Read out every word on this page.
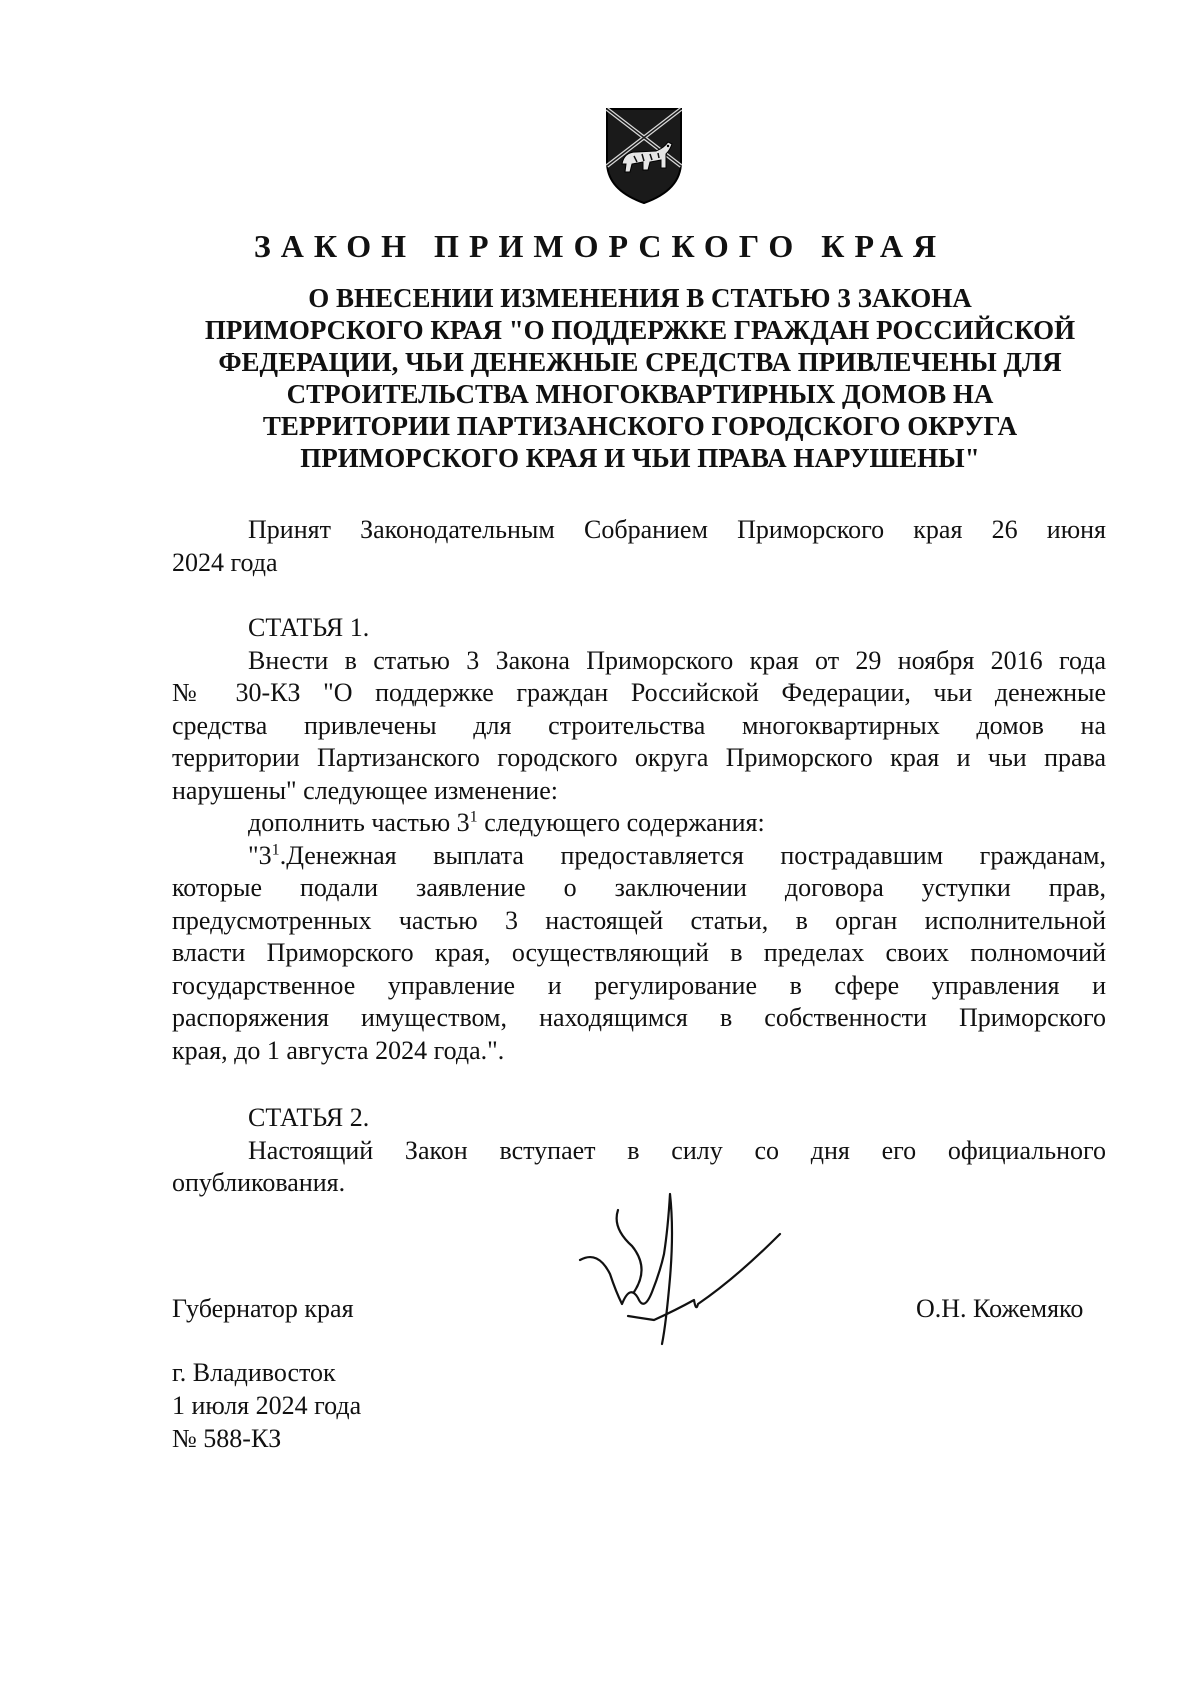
ЗАКОН ПРИМОРСКОГО КРАЯ
О ВНЕСЕНИИ ИЗМЕНЕНИЯ В СТАТЬЮ 3 ЗАКОНА
ПРИМОРСКОГО КРАЯ "О ПОДДЕРЖКЕ ГРАЖДАН РОССИЙСКОЙ
ФЕДЕРАЦИИ, ЧЬИ ДЕНЕЖНЫЕ СРЕДСТВА ПРИВЛЕЧЕНЫ ДЛЯ
СТРОИТЕЛЬСТВА МНОГОКВАРТИРНЫХ ДОМОВ НА
ТЕРРИТОРИИ ПАРТИЗАНСКОГО ГОРОДСКОГО ОКРУГА
ПРИМОРСКОГО КРАЯ И ЧЬИ ПРАВА НАРУШЕНЫ"
Принят Законодательным Собранием Приморского края 26 июня
2024 года
СТАТЬЯ 1.
Внести в статью 3 Закона Приморского края от 29 ноября 2016 года
№ 30-КЗ "О поддержке граждан Российской Федерации, чьи денежные
средства привлечены для строительства многоквартирных домов на
территории Партизанского городского округа Приморского края и чьи права
нарушены" следующее изменение:
дополнить частью $3^1$ следующего содержания:
"$3^1.Денежная$ выплата предоставляется пострадавшим гражданам,
которые подали заявление о заключении договора уступки прав,
предусмотренных частью 3 настоящей статьи, в орган исполнительной
власти Приморского края, осуществляющий в пределах своих полномочий
государственное управление и регулирование в сфере управления и
распоряжения имуществом, находящимся в собственности Приморского
края, до 1 августа 2024 года.".
СТАТЬЯ 2.
Настоящий Закон вступает в силу со дня его официального
опубликования.
Губернатор края	О.Н. Кожемяко
г. Владивосток
1 июля 2024 года
№ 588-КЗ
